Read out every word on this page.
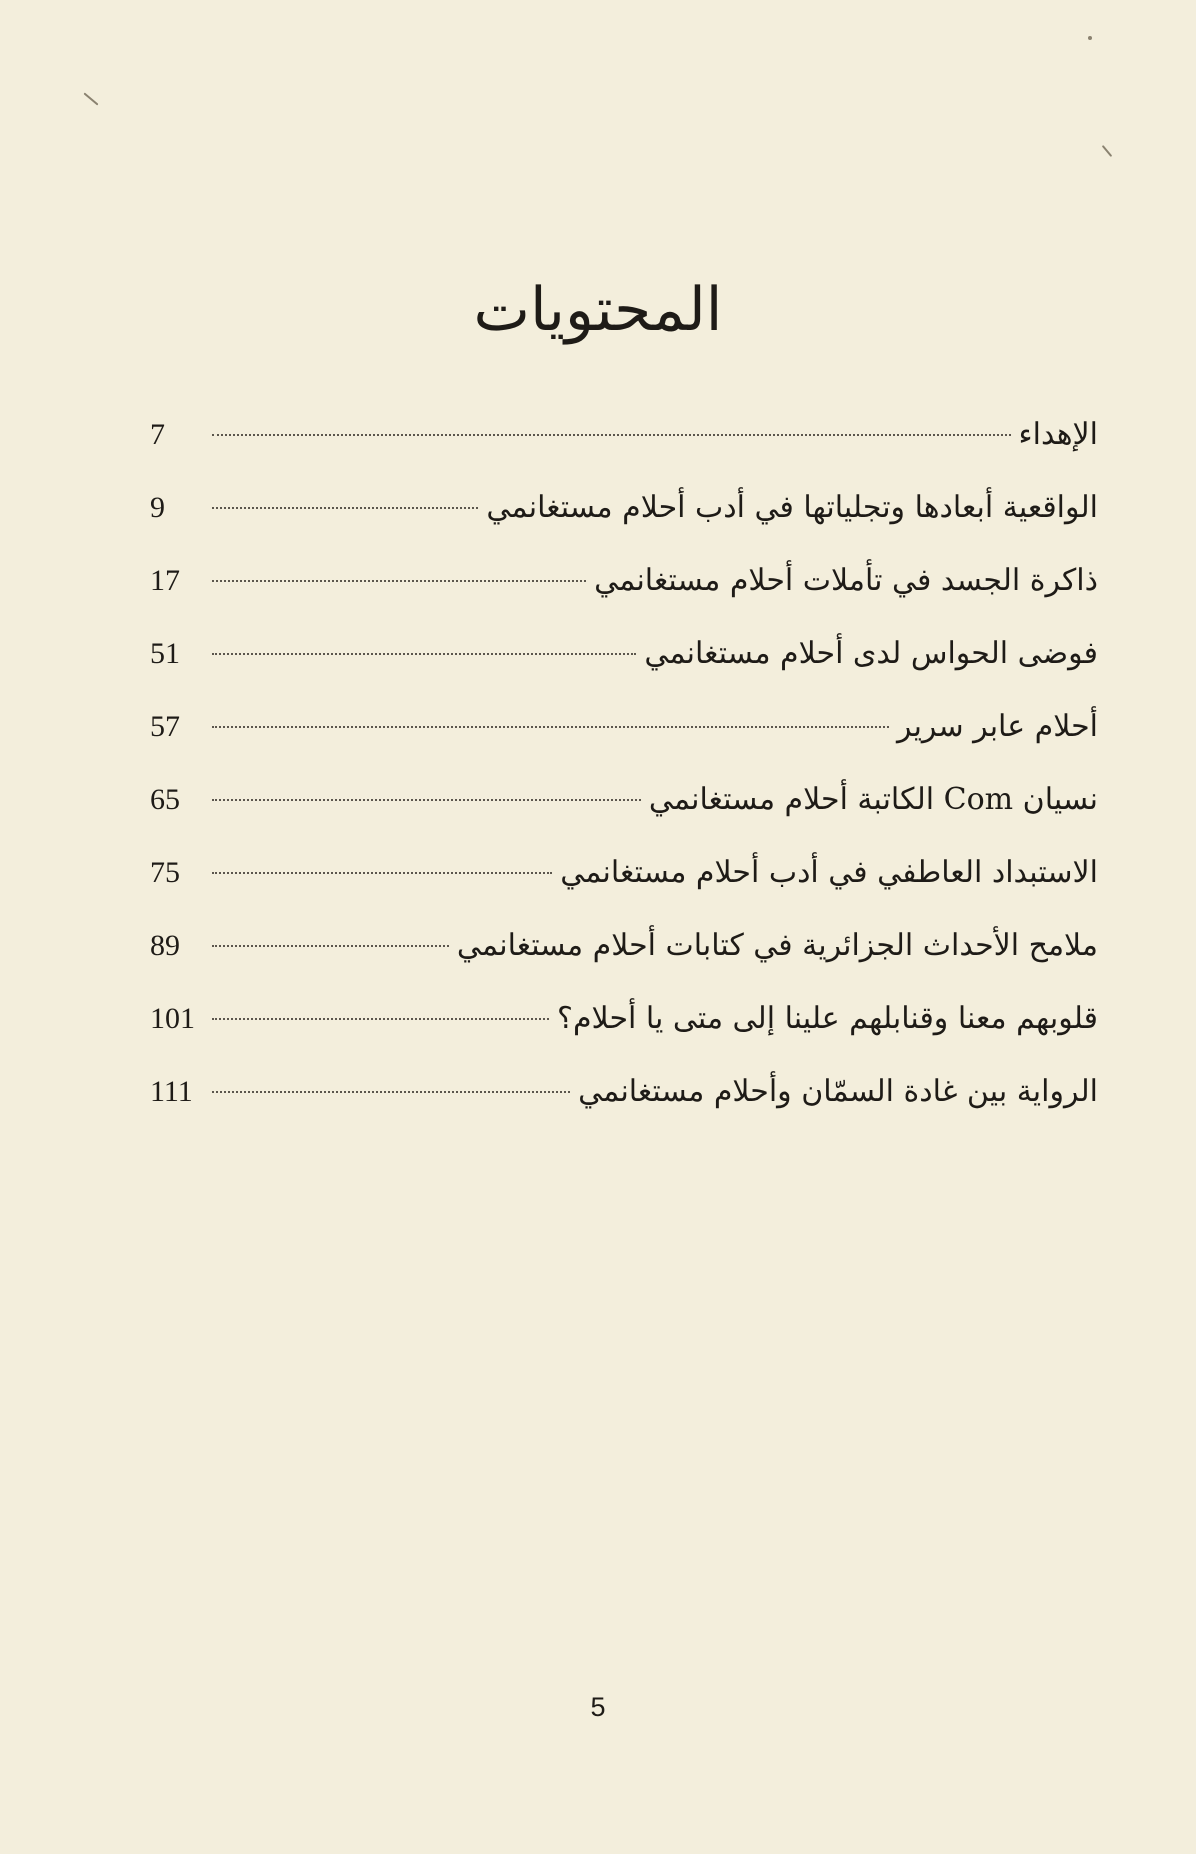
المحتويات
الإهداء
7
الواقعية أبعادها وتجلياتها في أدب أحلام مستغانمي
9
ذاكرة الجسد في تأملات أحلام مستغانمي
17
فوضى الحواس لدى أحلام مستغانمي
51
أحلام عابر سرير
57
نسيان Com الكاتبة أحلام مستغانمي
65
الاستبداد العاطفي في أدب أحلام مستغانمي
75
ملامح الأحداث الجزائرية في كتابات أحلام مستغانمي
89
قلوبهم معنا وقنابلهم علينا إلى متى يا أحلام؟
101
الرواية بين غادة السمّان وأحلام مستغانمي
111
5
